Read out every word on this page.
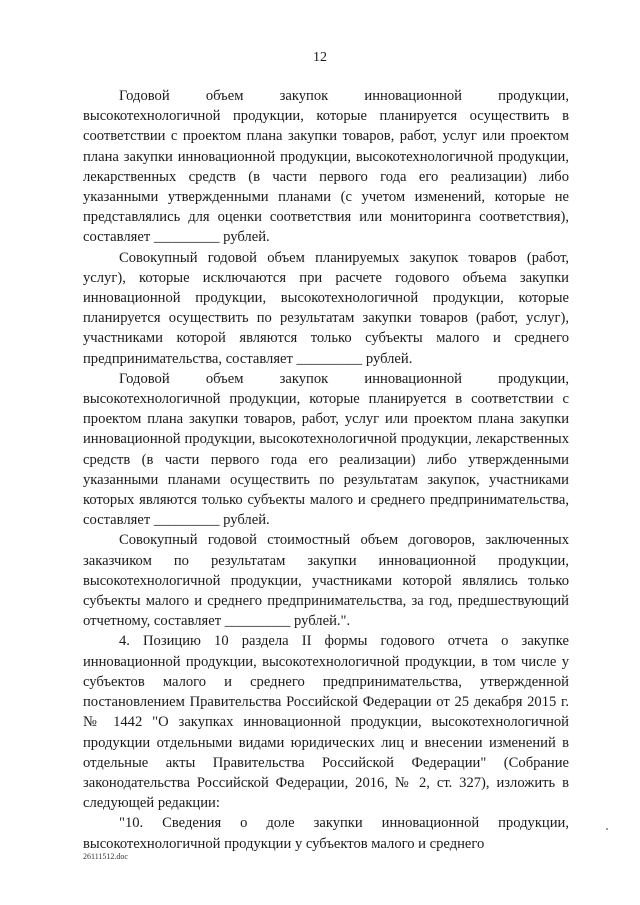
12

Годовой объем закупок инновационной продукции, высокотехнологичной продукции, которые планируется осуществить в соответствии с проектом плана закупки товаров, работ, услуг или проектом плана закупки инновационной продукции, высокотехнологичной продукции, лекарственных средств (в части первого года его реализации) либо указанными утвержденными планами (с учетом изменений, которые не представлялись для оценки соответствия или мониторинга соответствия), составляет _________ рублей.

Совокупный годовой объем планируемых закупок товаров (работ, услуг), которые исключаются при расчете годового объема закупки инновационной продукции, высокотехнологичной продукции, которые планируется осуществить по результатам закупки товаров (работ, услуг), участниками которой являются только субъекты малого и среднего предпринимательства, составляет _________ рублей.

Годовой объем закупок инновационной продукции, высокотехнологичной продукции, которые планируется в соответствии с проектом плана закупки товаров, работ, услуг или проектом плана закупки инновационной продукции, высокотехнологичной продукции, лекарственных средств (в части первого года его реализации) либо утвержденными указанными планами осуществить по результатам закупок, участниками которых являются только субъекты малого и среднего предпринимательства, составляет _________ рублей.

Совокупный годовой стоимостный объем договоров, заключенных заказчиком по результатам закупки инновационной продукции, высокотехнологичной продукции, участниками которой являлись только субъекты малого и среднего предпринимательства, за год, предшествующий отчетному, составляет _________ рублей.".

4. Позицию 10 раздела II формы годового отчета о закупке инновационной продукции, высокотехнологичной продукции, в том числе у субъектов малого и среднего предпринимательства, утвержденной постановлением Правительства Российской Федерации от 25 декабря 2015 г. № 1442 "О закупках инновационной продукции, высокотехнологичной продукции отдельными видами юридических лиц и внесении изменений в отдельные акты Правительства Российской Федерации" (Собрание законодательства Российской Федерации, 2016, № 2, ст. 327), изложить в следующей редакции:

"10. Сведения о доле закупки инновационной продукции, высокотехнологичной продукции у субъектов малого и среднего

26111512.doc
